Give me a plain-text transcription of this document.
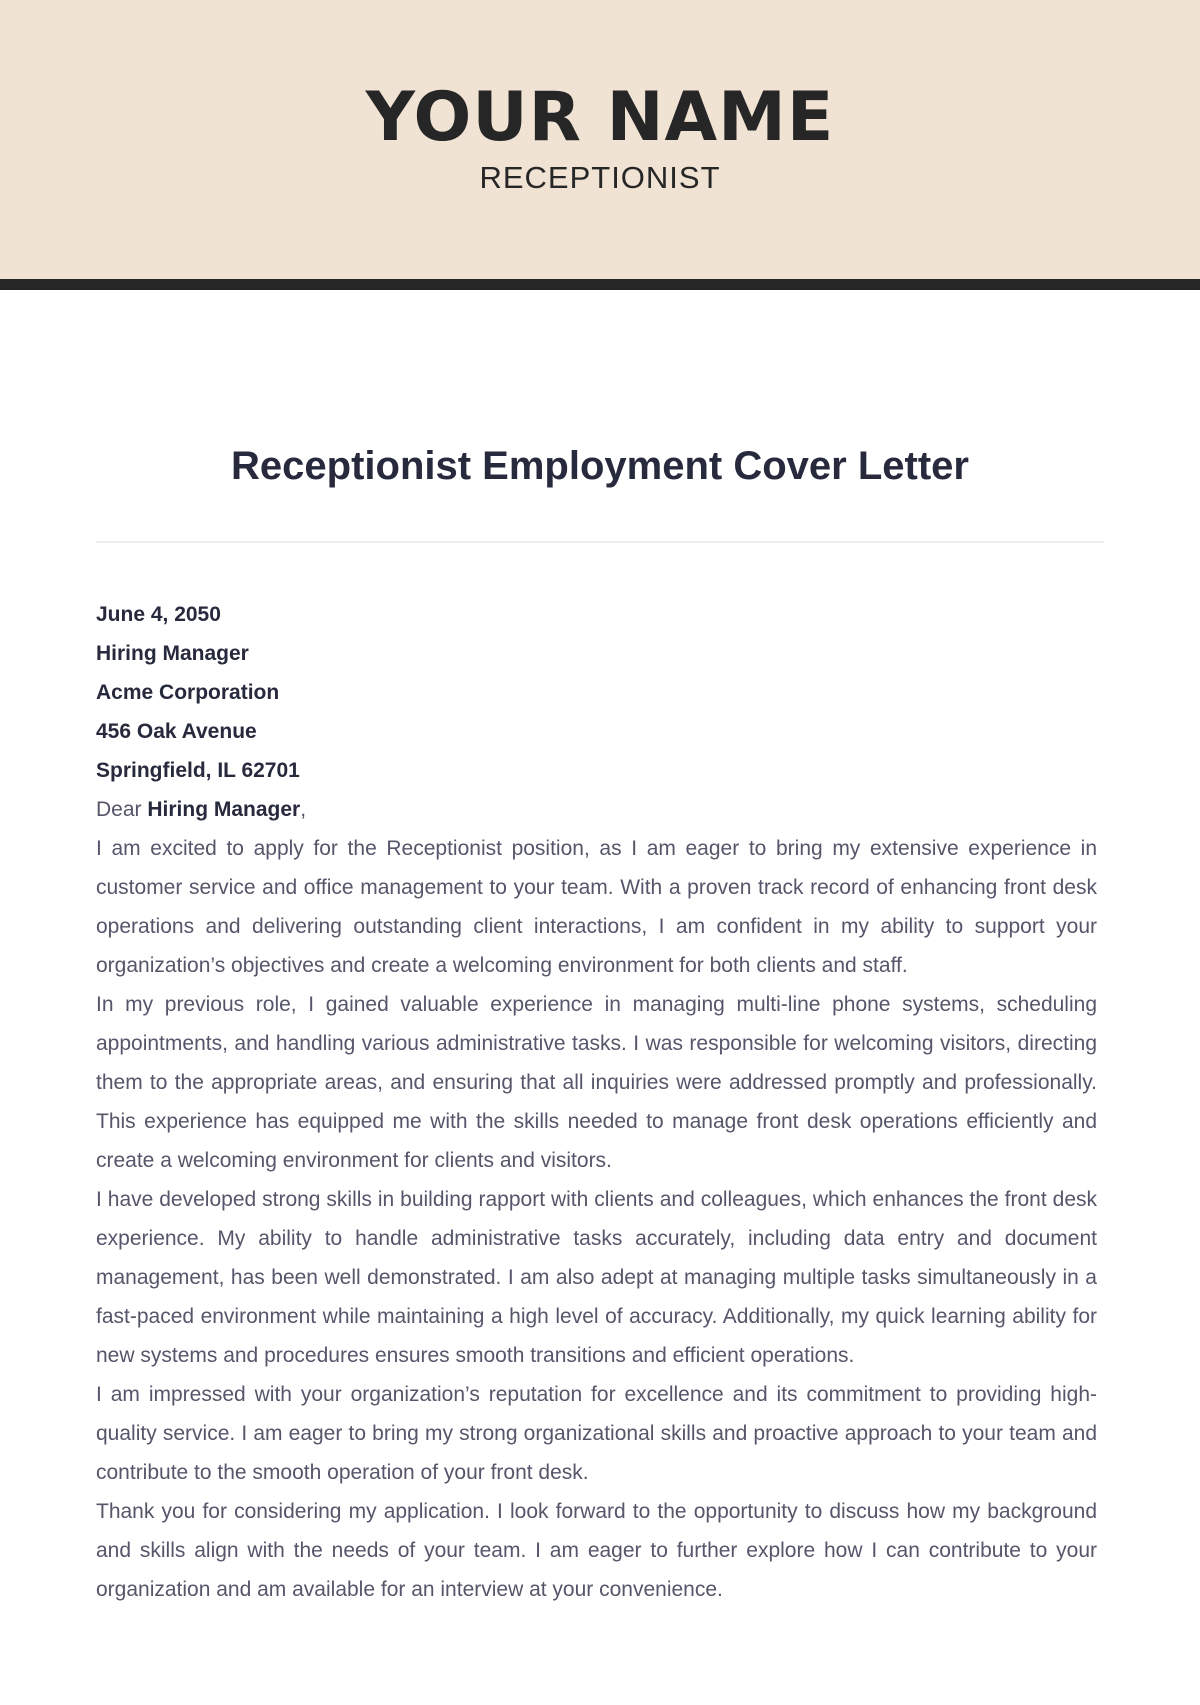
YOUR NAME
RECEPTIONIST
Receptionist Employment Cover Letter

June 4, 2050

Hiring Manager

Acme Corporation

456 Oak Avenue

Springfield, IL 62701

Dear Hiring Manager,

I am excited to apply for the Receptionist position, as I am eager to bring my extensive experience in customer service and office management to your team. With a proven track record of enhancing front desk operations and delivering outstanding client interactions, I am confident in my ability to support your organization’s objectives and create a welcoming environment for both clients and staff.

In my previous role, I gained valuable experience in managing multi-line phone systems, scheduling appointments, and handling various administrative tasks. I was responsible for welcoming visitors, directing them to the appropriate areas, and ensuring that all inquiries were addressed promptly and professionally. This experience has equipped me with the skills needed to manage front desk operations efficiently and create a welcoming environment for clients and visitors.

I have developed strong skills in building rapport with clients and colleagues, which enhances the front desk experience. My ability to handle administrative tasks accurately, including data entry and document management, has been well demonstrated. I am also adept at managing multiple tasks simultaneously in a fast-paced environment while maintaining a high level of accuracy. Additionally, my quick learning ability for new systems and procedures ensures smooth transitions and efficient operations.

I am impressed with your organization’s reputation for excellence and its commitment to providing high-quality service. I am eager to bring my strong organizational skills and proactive approach to your team and contribute to the smooth operation of your front desk.

Thank you for considering my application. I look forward to the opportunity to discuss how my background and skills align with the needs of your team. I am eager to further explore how I can contribute to your organization and am available for an interview at your convenience.
